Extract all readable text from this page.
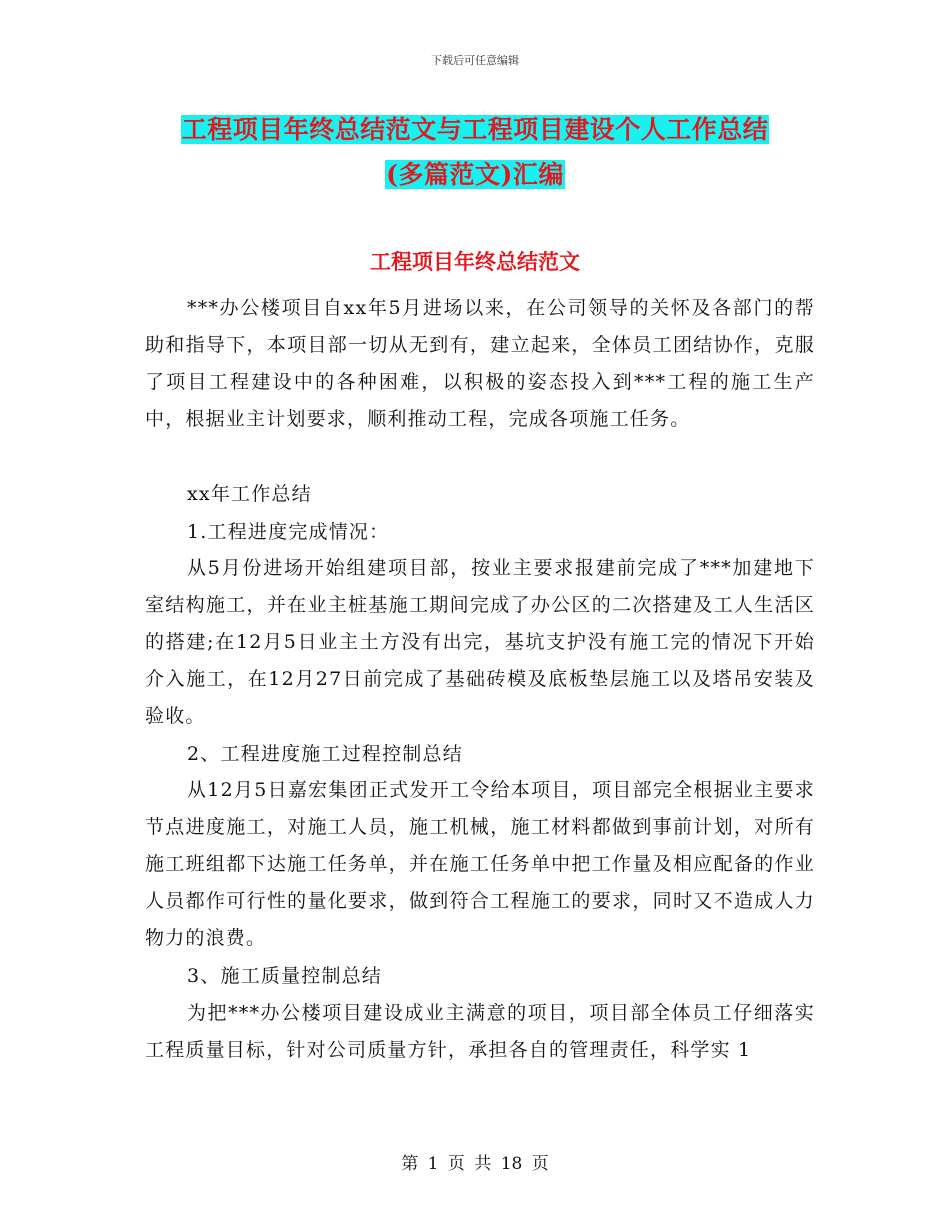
下载后可任意编辑
工程项目年终总结范文与工程项目建设个人工作总结
(多篇范文)汇编
工程项目年终总结范文
***办公楼项目自xx年5月进场以来，在公司领导的关怀及各部门的帮助和指导下，本项目部一切从无到有，建立起来，全体员工团结协作，克服了项目工程建设中的各种困难，以积极的姿态投入到***工程的施工生产中，根据业主计划要求，顺利推动工程，完成各项施工任务。
xx年工作总结
1.工程进度完成情况：
从5月份进场开始组建项目部，按业主要求报建前完成了***加建地下室结构施工，并在业主桩基施工期间完成了办公区的二次搭建及工人生活区的搭建;在12月5日业主土方没有出完，基坑支护没有施工完的情况下开始介入施工，在12月27日前完成了基础砖模及底板垫层施工以及塔吊安装及验收。
2、工程进度施工过程控制总结
从12月5日嘉宏集团正式发开工令给本项目，项目部完全根据业主要求节点进度施工，对施工人员，施工机械，施工材料都做到事前计划，对所有施工班组都下达施工任务单，并在施工任务单中把工作量及相应配备的作业人员都作可行性的量化要求，做到符合工程施工的要求，同时又不造成人力物力的浪费。
3、施工质量控制总结
为把***办公楼项目建设成业主满意的项目，项目部全体员工仔细落实工程质量目标，针对公司质量方针，承担各自的管理责任，科学实 1
第 1 页 共 18 页
